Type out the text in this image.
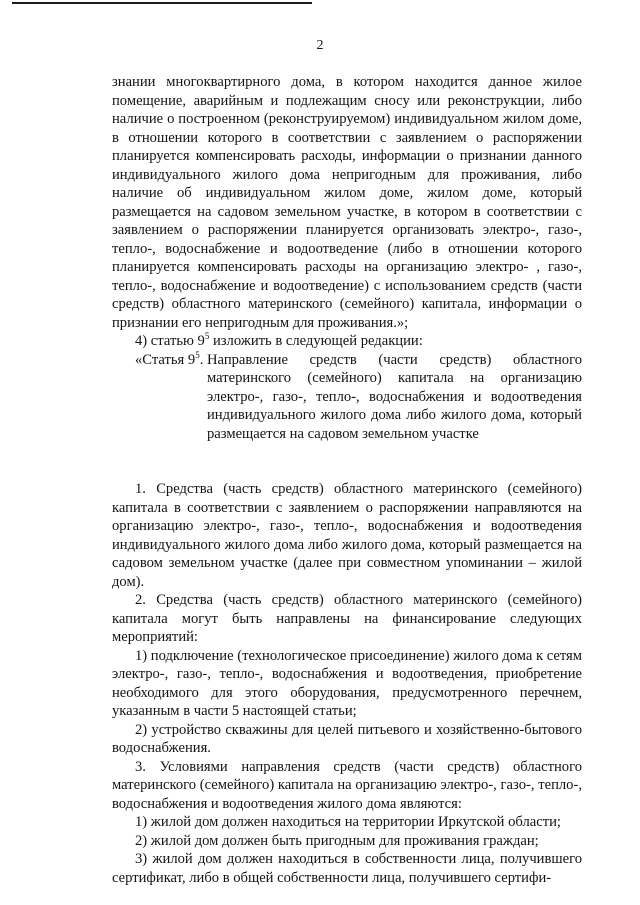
2

знании многоквартирного дома, в котором находится данное жилое помещение, аварийным и подлежащим сносу или реконструкции, либо наличие о построенном (реконструируемом) индивидуальном жилом доме, в отношении которого в соответствии с заявлением о распоряжении планируется компенсировать расходы, информации о признании данного индивидуального жилого дома непригодным для проживания, либо наличие об индивидуальном жилом доме, жилом доме, который размещается на садовом земельном участке, в котором в соответствии с заявлением о распоряжении планируется организовать электро-, газо-, тепло-, водоснабжение и водоотведение (либо в отношении которого планируется компенсировать расходы на организацию электро- , газо-, тепло-, водоснабжение и водоотведение) с использованием средств (части средств) областного материнского (семейного) капитала, информации о признании его непригодным для проживания.»;

4) статью $9^5$ изложить в следующей редакции:

«Статья $9^5$. Направление средств (части средств) областного материнского (семейного) капитала на организацию электро-, газо-, тепло-, водоснабжения и водоотведения индивидуального жилого дома либо жилого дома, который размещается на садовом земельном участке

1. Средства (часть средств) областного материнского (семейного) капитала в соответствии с заявлением о распоряжении направляются на организацию электро-, газо-, тепло-, водоснабжения и водоотведения индивидуального жилого дома либо жилого дома, который размещается на садовом земельном участке (далее при совместном упоминании – жилой дом).

2. Средства (часть средств) областного материнского (семейного) капитала могут быть направлены на финансирование следующих мероприятий:

1) подключение (технологическое присоединение) жилого дома к сетям электро-, газо-, тепло-, водоснабжения и водоотведения, приобретение необходимого для этого оборудования, предусмотренного перечнем, указанным в части 5 настоящей статьи;

2) устройство скважины для целей питьевого и хозяйственно-бытового водоснабжения.

3. Условиями направления средств (части средств) областного материнского (семейного) капитала на организацию электро-, газо-, тепло-, водоснабжения и водоотведения жилого дома являются:

1) жилой дом должен находиться на территории Иркутской области;

2) жилой дом должен быть пригодным для проживания граждан;

3) жилой дом должен находиться в собственности лица, получившего сертификат, либо в общей собственности лица, получившего сертифи-
